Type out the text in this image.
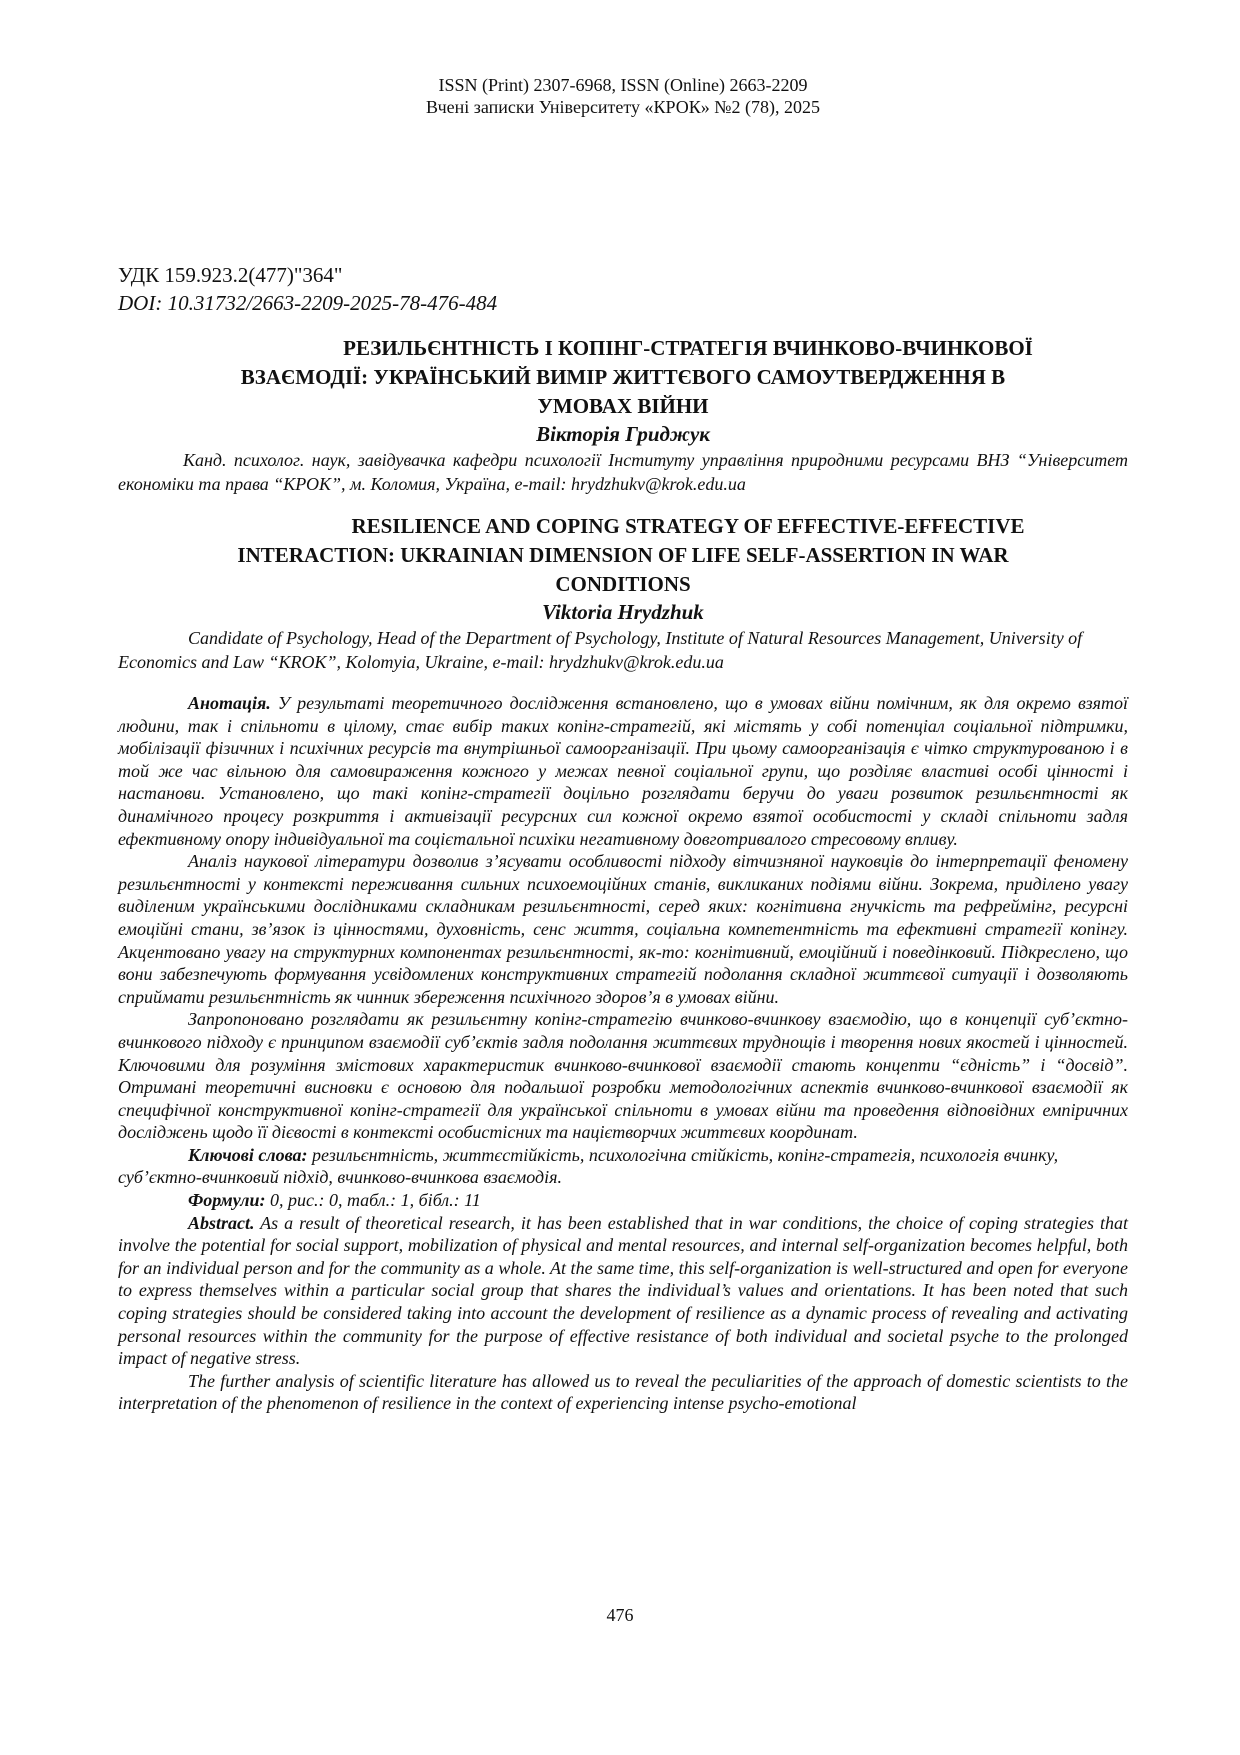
ISSN (Print) 2307-6968, ISSN (Online) 2663-2209
Вчені записки Університету «КРОК» №2 (78), 2025
УДК 159.923.2(477)"364"
DOI: 10.31732/2663-2209-2025-78-476-484
РЕЗИЛЬЄНТНІСТЬ І КОПІНГ-СТРАТЕГІЯ ВЧИНКОВО-ВЧИНКОВОЇ
ВЗАЄМОДІЇ: УКРАЇНСЬКИЙ ВИМІР ЖИТТЄВОГО САМОУТВЕРДЖЕННЯ В
УМОВАХ ВІЙНИ
Вікторія Гриджук
Канд. психолог. наук, завідувачка кафедри психології Інституту управління природними ресурсами ВНЗ “Університет економіки та права “КРОК”, м. Коломия, Україна, e-mail: hrydzhukv@krok.edu.ua
RESILIENCE AND COPING STRATEGY OF EFFECTIVE-EFFECTIVE
INTERACTION: UKRAINIAN DIMENSION OF LIFE SELF-ASSERTION IN WAR
CONDITIONS
Viktoria Hrydzhuk
Candidate of Psychology, Head of the Department of Psychology, Institute of Natural Resources Management, University of Economics and Law “KROK”, Kolomyia, Ukraine, e-mail: hrydzhukv@krok.edu.ua

Анотація. У результаті теоретичного дослідження встановлено, що в умовах війни помічним, як для окремо взятої людини, так і спільноти в цілому, стає вибір таких копінг-стратегій, які містять у собі потенціал соціальної підтримки, мобілізації фізичних і психічних ресурсів та внутрішньої самоорганізації. При цьому самоорганізація є чітко структурованою і в той же час вільною для самовираження кожного у межах певної соціальної групи, що розділяє властиві особі цінності і настанови. Установлено, що такі копінг-стратегії доцільно розглядати беручи до уваги розвиток резильєнтності як динамічного процесу розкриття і активізації ресурсних сил кожної окремо взятої особистості у складі спільноти задля ефективному опору індивідуальної та соцієтальної психіки негативному довготривалого стресовому впливу.

Аналіз наукової літератури дозволив з’ясувати особливості підходу вітчизняної науковців до інтерпретації феномену резильєнтності у контексті переживання сильних психоемоційних станів, викликаних подіями війни. Зокрема, приділено увагу виділеним українськими дослідниками складникам резильєнтності, серед яких: когнітивна гнучкість та рефреймінг, ресурсні емоційні стани, зв’язок із цінностями, духовність, сенс життя, соціальна компетентність та ефективні стратегії копінгу. Акцентовано увагу на структурних компонентах резильєнтності, як-то: когнітивний, емоційний і поведінковий. Підкреслено, що вони забезпечують формування усвідомлених конструктивних стратегій подолання складної життєвої ситуації і дозволяють сприймати резильєнтність як чинник збереження психічного здоров’я в умовах війни.

Запропоновано розглядати як резильєнтну копінг-стратегію вчинково-вчинкову взаємодію, що в концепції суб’єктно-вчинкового підходу є принципом взаємодії суб’єктів задля подолання життєвих труднощів і творення нових якостей і цінностей. Ключовими для розуміння змістових характеристик вчинково-вчинкової взаємодії стають концепти “єдність” і “досвід”. Отримані теоретичні висновки є основою для подальшої розробки методологічних аспектів вчинково-вчинкової взаємодії як специфічної конструктивної копінг-стратегії для української спільноти в умовах війни та проведення відповідних емпіричних досліджень щодо її дієвості в контексті особистісних та націєтворчих життєвих координат.

Ключові слова: резильєнтність, життєстійкість, психологічна стійкість, копінг-стратегія, психологія вчинку, суб’єктно-вчинковий підхід, вчинково-вчинкова взаємодія.

Формули: 0, рис.: 0, табл.: 1, бібл.: 11

Abstract. As a result of theoretical research, it has been established that in war conditions, the choice of coping strategies that involve the potential for social support, mobilization of physical and mental resources, and internal self-organization becomes helpful, both for an individual person and for the community as a whole. At the same time, this self-organization is well-structured and open for everyone to express themselves within a particular social group that shares the individual’s values and orientations. It has been noted that such coping strategies should be considered taking into account the development of resilience as a dynamic process of revealing and activating personal resources within the community for the purpose of effective resistance of both individual and societal psyche to the prolonged impact of negative stress.

The further analysis of scientific literature has allowed us to reveal the peculiarities of the approach of domestic scientists to the interpretation of the phenomenon of resilience in the context of experiencing intense psycho-emotional

476
